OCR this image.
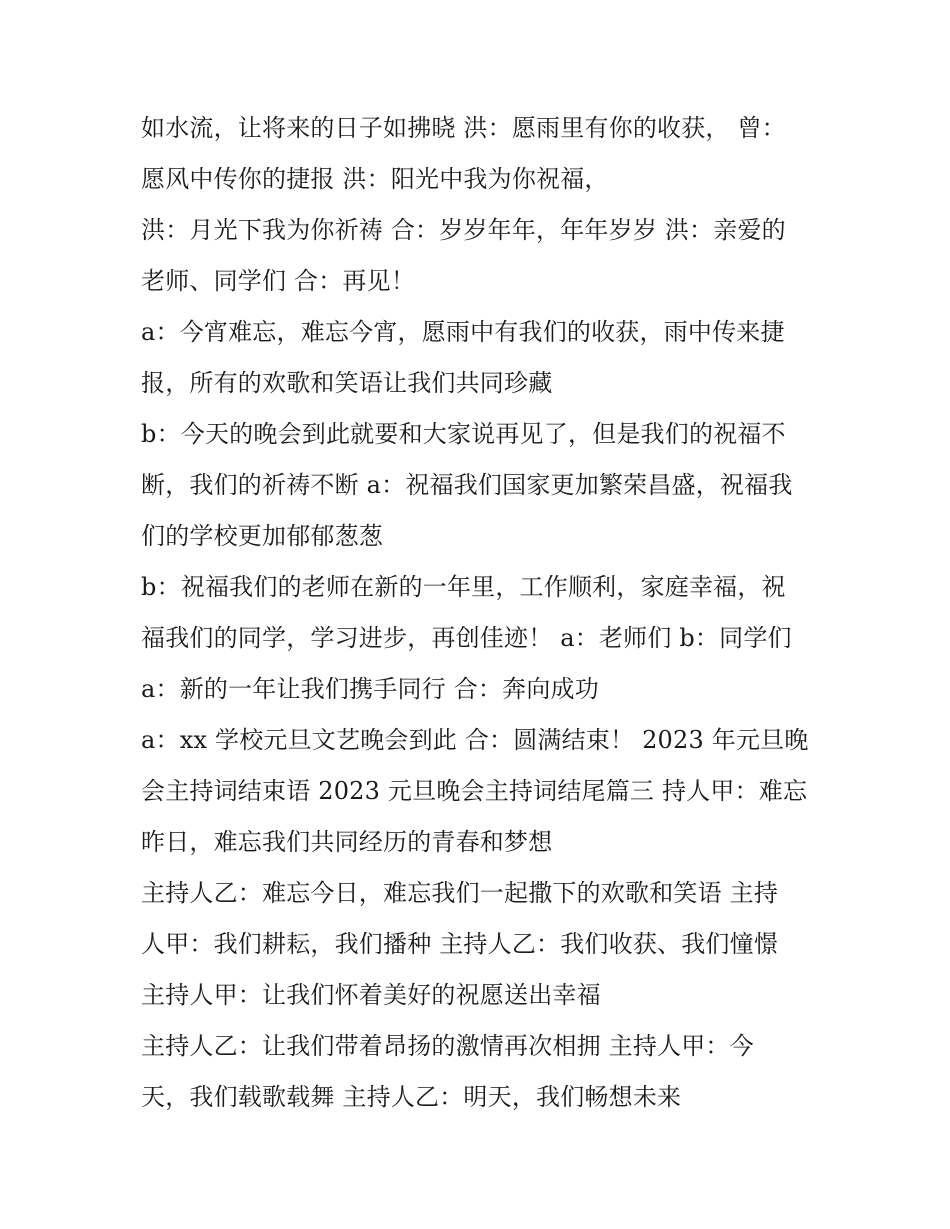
如水流，让将来的日子如拂晓 洪：愿雨里有你的收获， 曾：
愿风中传你的捷报 洪：阳光中我为你祝福，
洪：月光下我为你祈祷 合：岁岁年年，年年岁岁 洪：亲爱的
老师、同学们 合：再见！
a：今宵难忘，难忘今宵，愿雨中有我们的收获，雨中传来捷
报，所有的欢歌和笑语让我们共同珍藏
b：今天的晚会到此就要和大家说再见了，但是我们的祝福不
断，我们的祈祷不断 a：祝福我们国家更加繁荣昌盛，祝福我
们的学校更加郁郁葱葱
b：祝福我们的老师在新的一年里，工作顺利，家庭幸福，祝
福我们的同学，学习进步，再创佳迹！ a：老师们 b：同学们
a：新的一年让我们携手同行 合：奔向成功
a：xx 学校元旦文艺晚会到此 合：圆满结束！ 2023 年元旦晚
会主持词结束语 2023 元旦晚会主持词结尾篇三 持人甲：难忘
昨日，难忘我们共同经历的青春和梦想
主持人乙：难忘今日，难忘我们一起撒下的欢歌和笑语 主持
人甲：我们耕耘，我们播种 主持人乙：我们收获、我们憧憬
主持人甲：让我们怀着美好的祝愿送出幸福
主持人乙：让我们带着昂扬的激情再次相拥 主持人甲：今
天，我们载歌载舞 主持人乙：明天，我们畅想未来
